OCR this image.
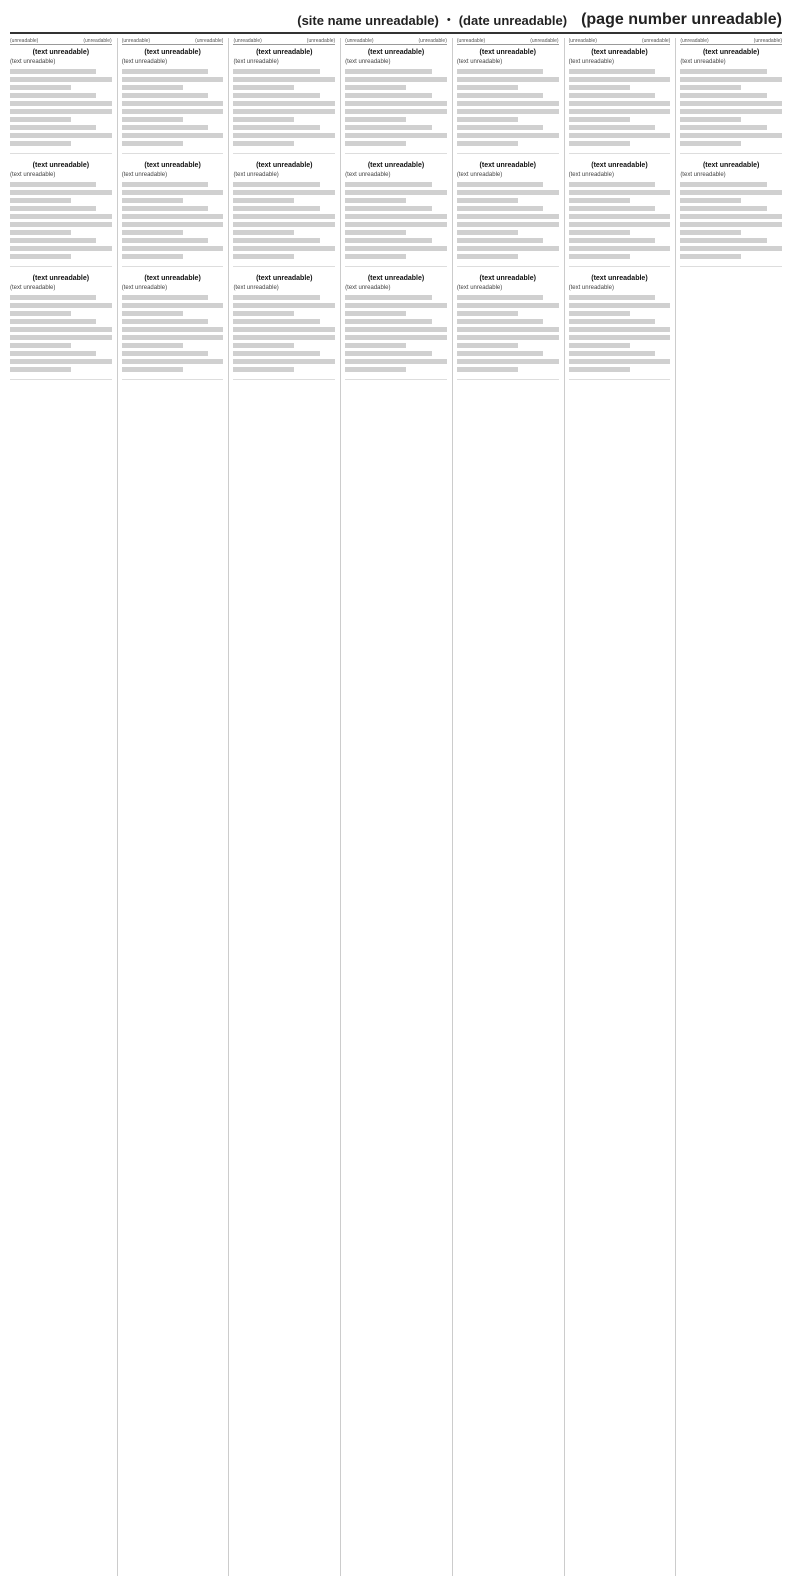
(site name unreadable) • (date unreadable) (page number unreadable)
(unreadable)	(unreadable)
(text unreadable)

(text unreadable)

(text unreadable)

(text unreadable)

(text unreadable)

(text unreadable)

(unreadable)	(unreadable)
(text unreadable)

(text unreadable)

(text unreadable)

(text unreadable)

(text unreadable)

(text unreadable)

(unreadable)	(unreadable)
(text unreadable)

(text unreadable)

(text unreadable)

(text unreadable)

(text unreadable)

(text unreadable)

(unreadable)	(unreadable)
(text unreadable)

(text unreadable)

(text unreadable)

(text unreadable)

(text unreadable)

(text unreadable)

(unreadable)	(unreadable)
(text unreadable)

(text unreadable)

(text unreadable)

(text unreadable)

(text unreadable)

(text unreadable)

(unreadable)	(unreadable)
(text unreadable)

(text unreadable)

(text unreadable)

(text unreadable)

(text unreadable)

(text unreadable)

(unreadable)	(unreadable)
(text unreadable)

(text unreadable)

(text unreadable)

(text unreadable)
